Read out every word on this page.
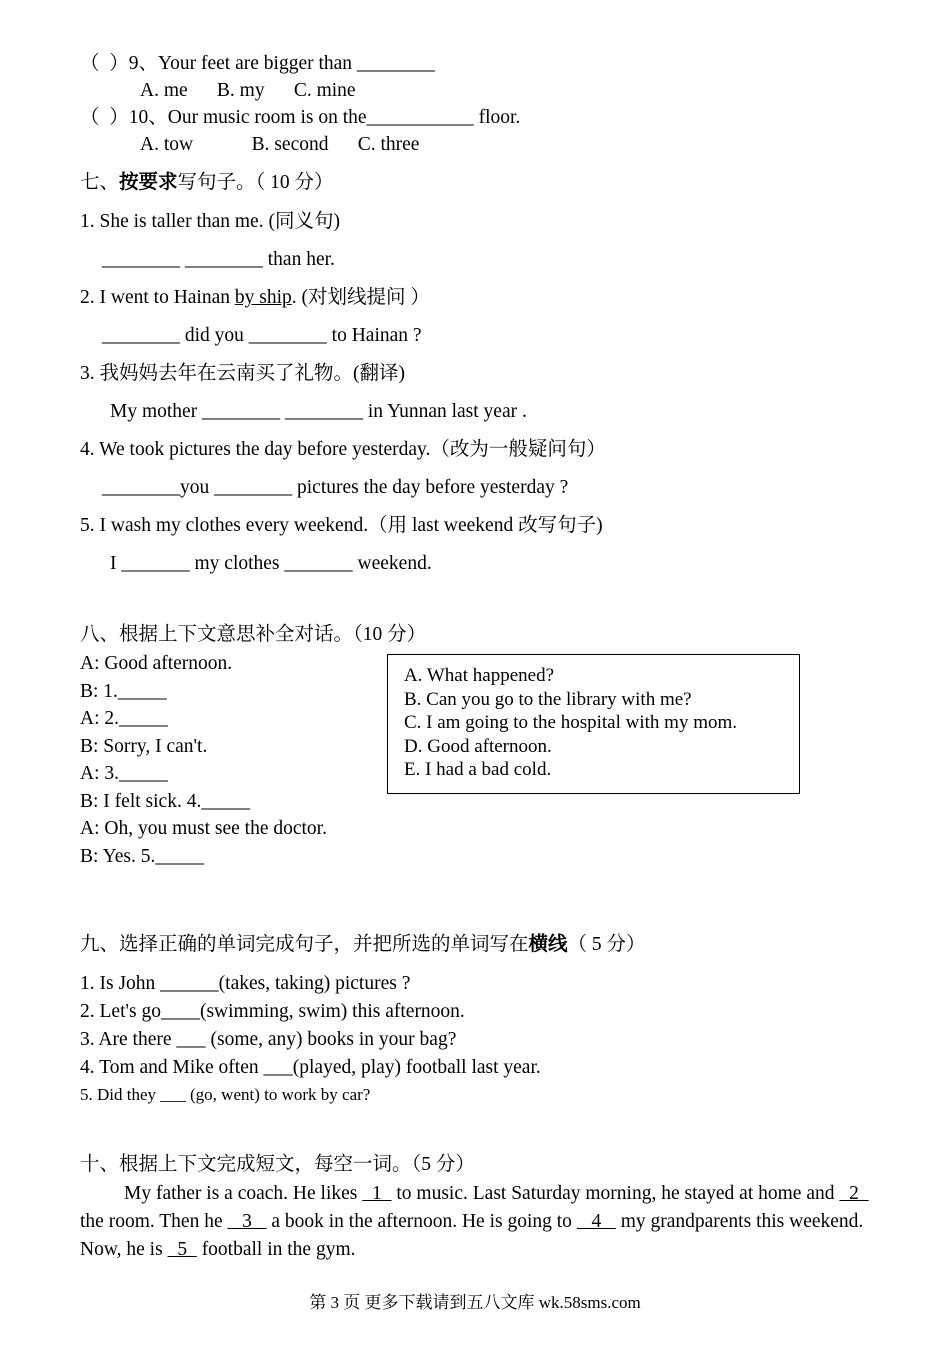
（  ）9、Your feet are bigger than ________
A. me      B. my      C. mine
（  ）10、Our music room is on the___________ floor.
A. tow            B. second      C. three
七、按要求写句子。（ 10 分）
1. She is taller than me. (同义句)
________ ________ than her.
2. I went to Hainan by ship. (对划线提问 ）
________ did you ________ to Hainan ?
3. 我妈妈去年在云南买了礼物。(翻译)
My mother ________ ________ in Yunnan last year .
4. We took pictures the day before yesterday.（改为一般疑问句）
________you ________ pictures the day before yesterday ?
5. I wash my clothes every weekend.（用 last weekend 改写句子)
I _______ my clothes _______ weekend.
八、根据上下文意思补全对话。（10 分）
A: Good afternoon.
B: 1._____
A: 2._____
B: Sorry, I can't.
A: 3._____
B: I felt sick. 4._____
A: Oh, you must see the doctor.
B: Yes. 5._____
A. What happened?
B. Can you go to the library with me?
C. I am going to the hospital with my mom.
D. Good afternoon.
E. I had a bad cold.
九、选择正确的单词完成句子，并把所选的单词写在横线（ 5 分）
1. Is John ______(takes, taking) pictures ?
2. Let's go____(swimming, swim) this afternoon.
3. Are there ___ (some, any) books in your bag?
4. Tom and Mike often ___(played, play) football last year.
5. Did they ___ (go, went) to work by car?
十、根据上下文完成短文，每空一词。（5 分）
My father is a coach. He likes   1   to music. Last Saturday morning, he stayed at home and   2   the room. Then he    3    a book in the afternoon. He is going to    4    my grandparents this weekend. Now, he is   5   football in the gym.
第 3 页 更多下载请到五八文库 wk.58sms.com
